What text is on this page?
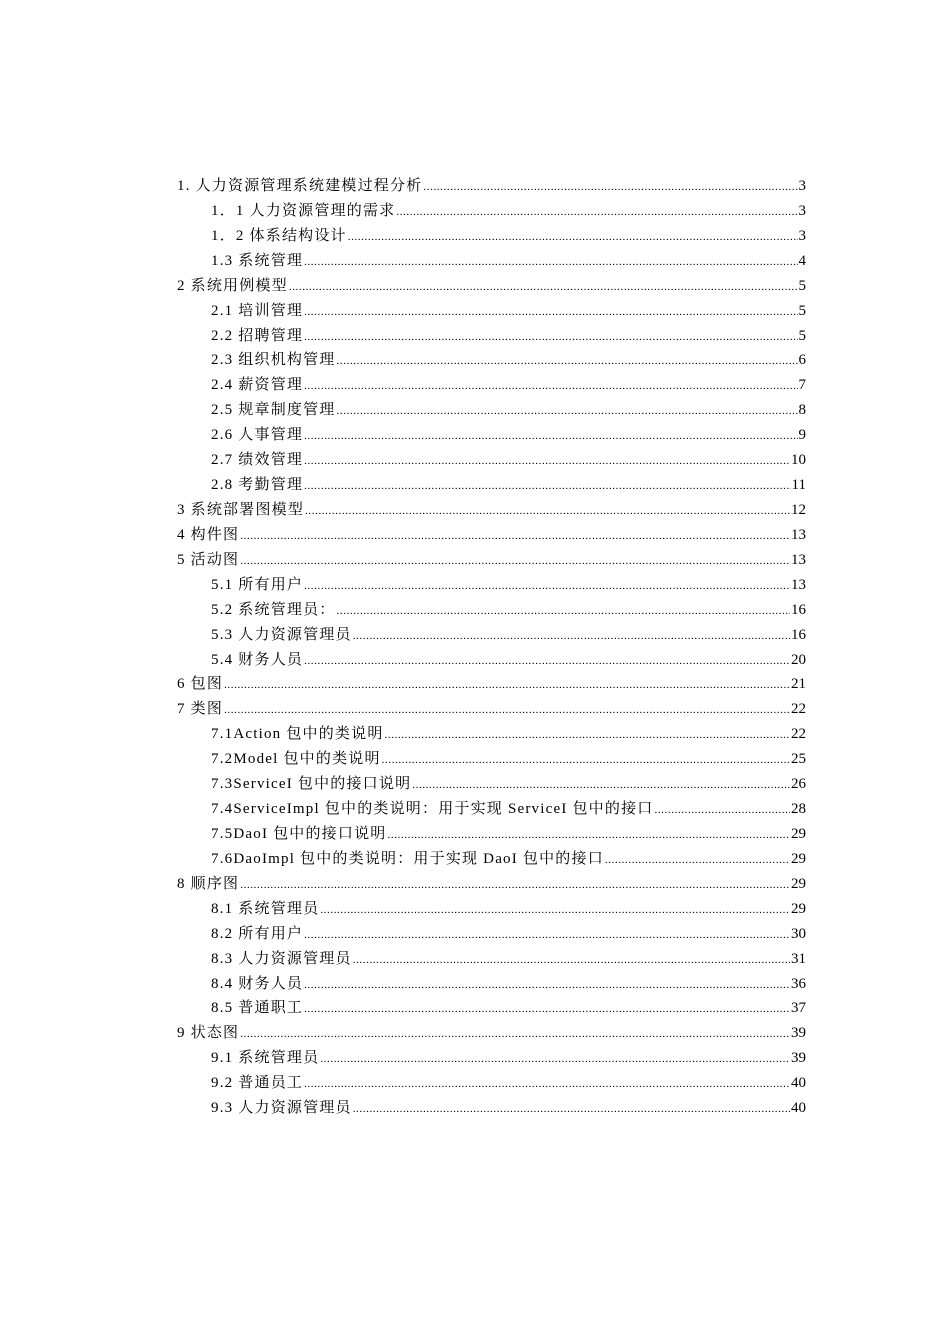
1. 人力资源管理系统建模过程分析 .....	3
1．1 人力资源管理的需求 .....	3
1．2 体系结构设计 .....	3
1.3 系统管理 .....	4
2 系统用例模型 .....	5
2.1 培训管理 .....	5
2.2 招聘管理 .....	5
2.3 组织机构管理 .....	6
2.4 薪资管理 .....	7
2.5 规章制度管理 .....	8
2.6 人事管理 .....	9
2.7 绩效管理 .....	10
2.8 考勤管理 .....	11
3 系统部署图模型 .....	12
4 构件图 .....	13
5 活动图 .....	13
5.1 所有用户 .....	13
5.2 系统管理员： .....	16
5.3 人力资源管理员 .....	16
5.4 财务人员 .....	20
6 包图 .....	21
7 类图 .....	22
7.1Action 包中的类说明 .....	22
7.2Model 包中的类说明 .....	25
7.3ServiceI 包中的接口说明 .....	26
7.4ServiceImpl 包中的类说明：用于实现 ServiceI 包中的接口 .....	28
7.5DaoI 包中的接口说明 .....	29
7.6DaoImpl 包中的类说明：用于实现 DaoI 包中的接口 .....	29
8 顺序图 .....	29
8.1 系统管理员 .....	29
8.2 所有用户 .....	30
8.3 人力资源管理员 .....	31
8.4 财务人员 .....	36
8.5 普通职工 .....	37
9 状态图 .....	39
9.1 系统管理员 .....	39
9.2 普通员工 .....	40
9.3 人力资源管理员 .....	40
